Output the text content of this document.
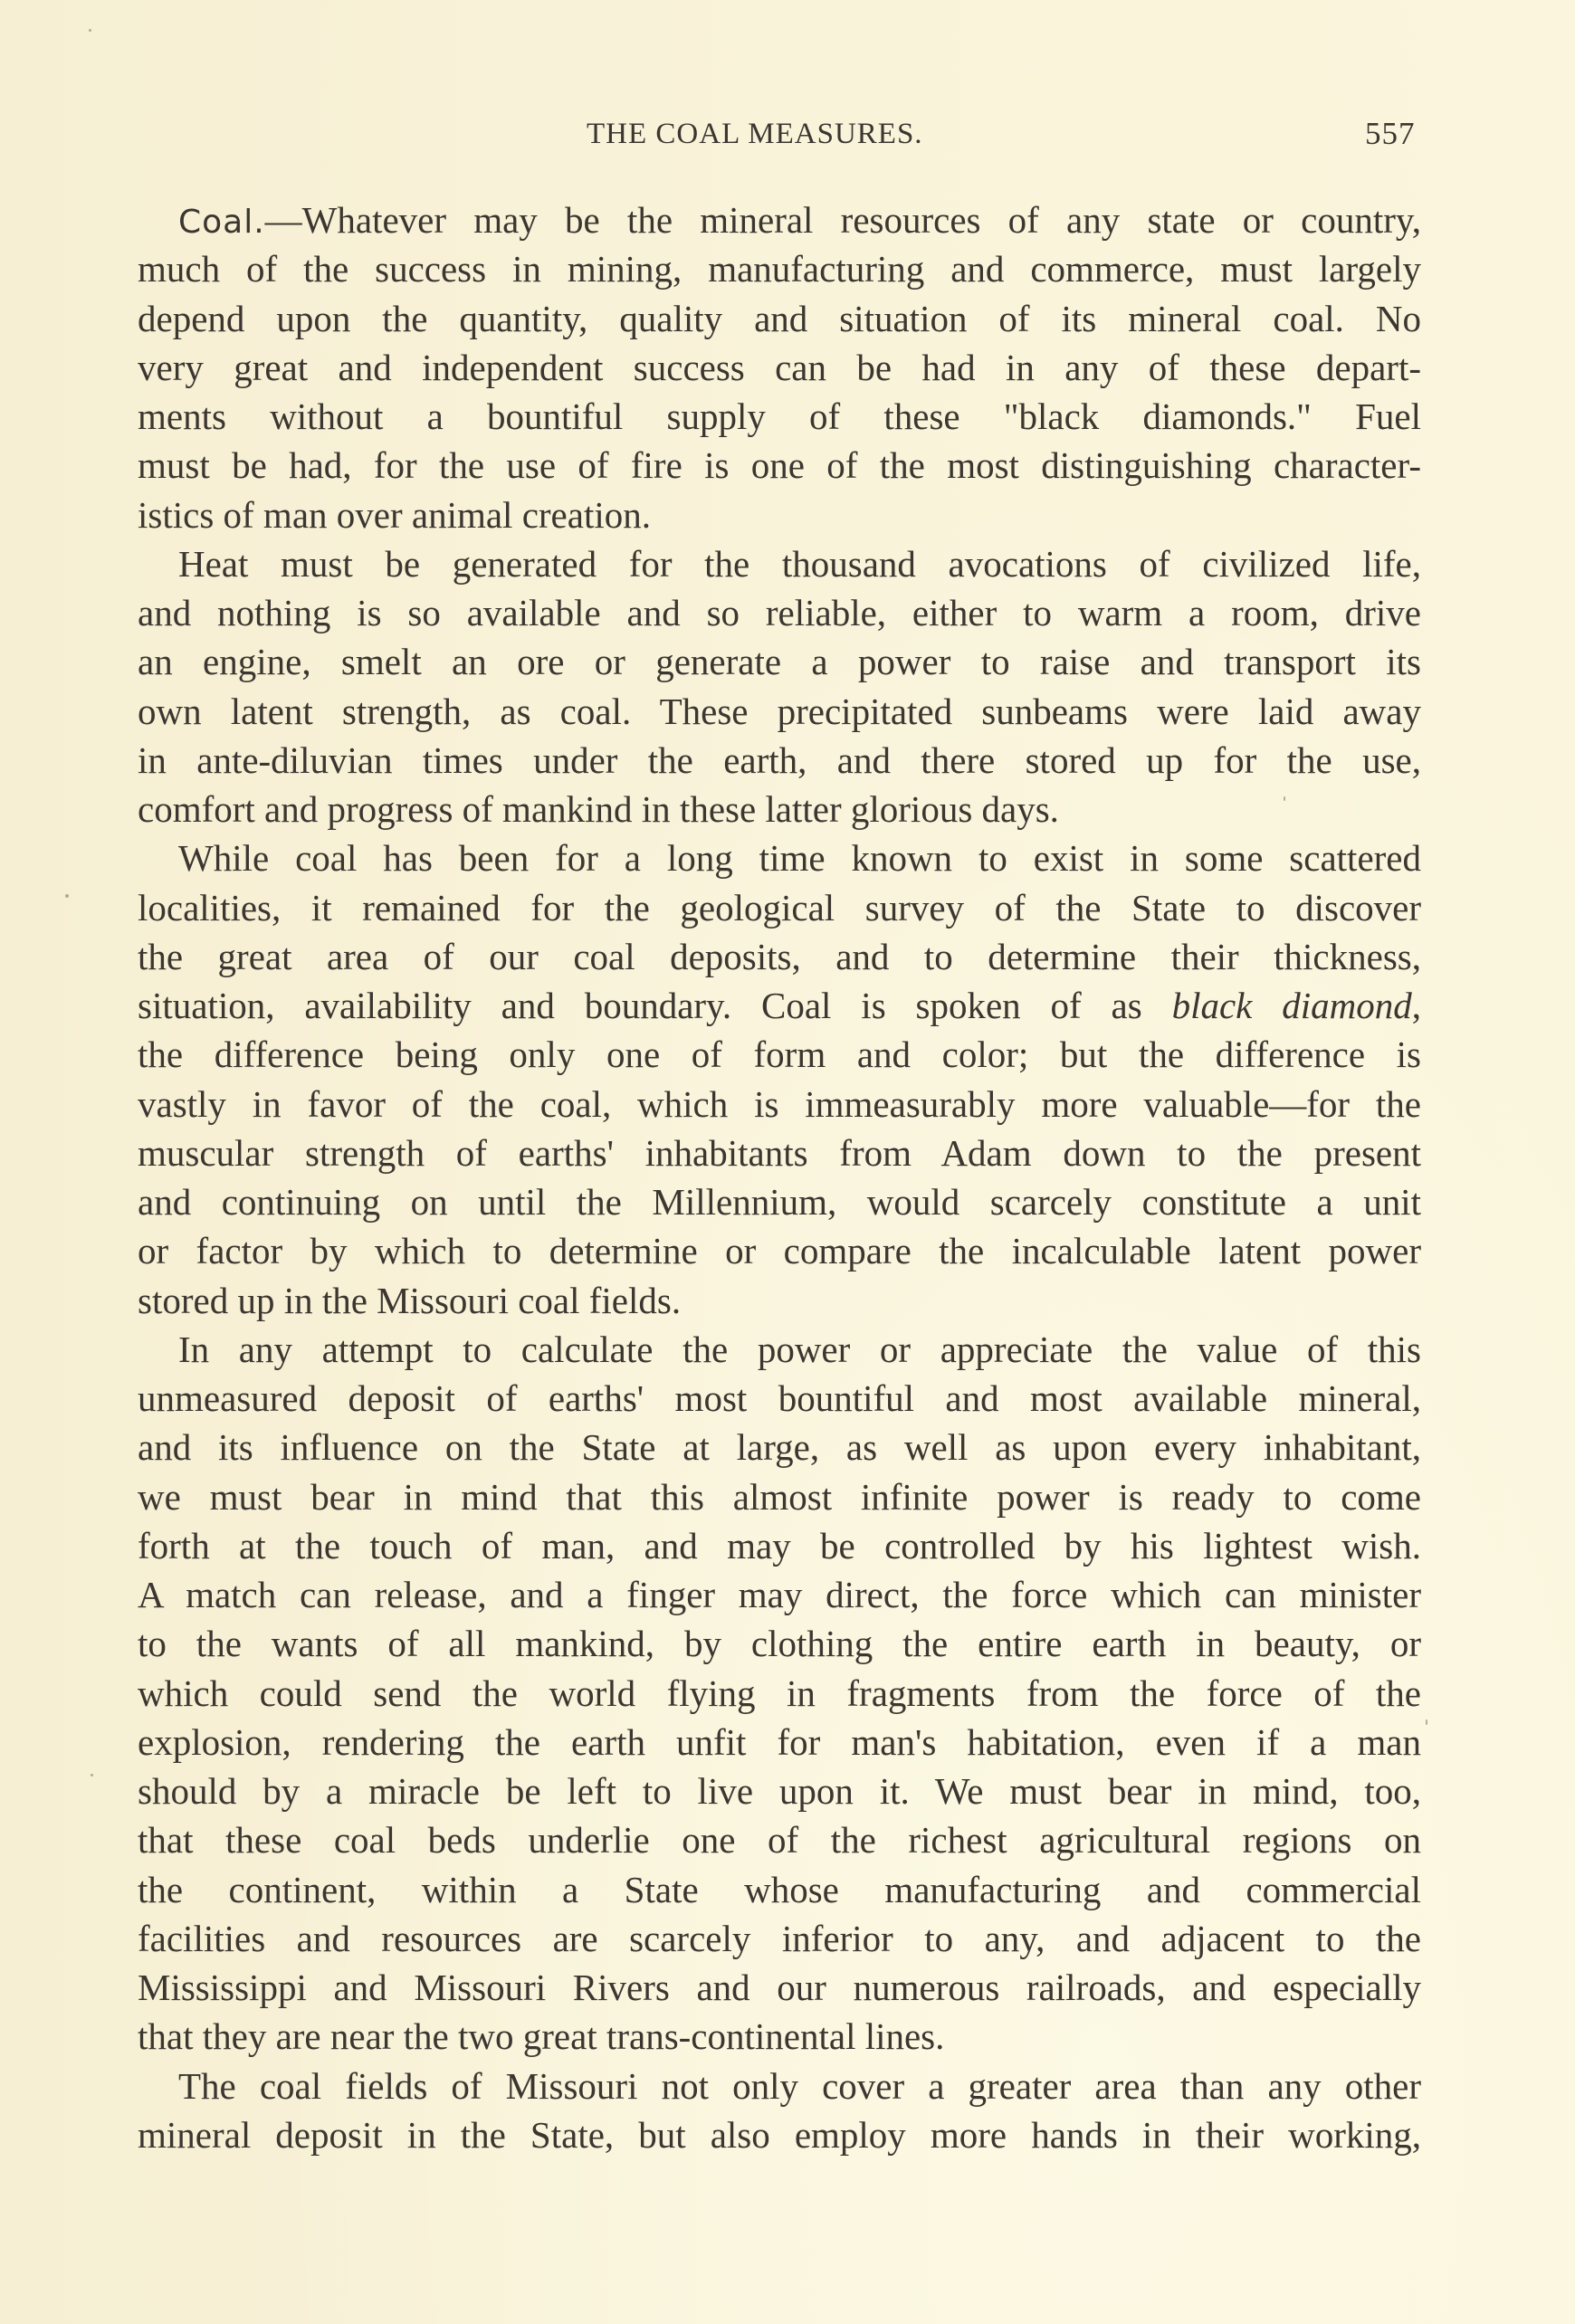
THE COAL MEASURES.	557
Coal.—Whatever may be the mineral resources of any state or country,
much of the success in mining, manufacturing and commerce, must largely
depend upon the quantity, quality and situation of its mineral coal. No
very great and independent success can be had in any of these depart-
ments without a bountiful supply of these "black diamonds." Fuel
must be had, for the use of fire is one of the most distinguishing character-
istics of man over animal creation.
Heat must be generated for the thousand avocations of civilized life,
and nothing is so available and so reliable, either to warm a room, drive
an engine, smelt an ore or generate a power to raise and transport its
own latent strength, as coal. These precipitated sunbeams were laid away
in ante-diluvian times under the earth, and there stored up for the use,
comfort and progress of mankind in these latter glorious days.
While coal has been for a long time known to exist in some scattered
localities, it remained for the geological survey of the State to discover
the great area of our coal deposits, and to determine their thickness,
situation, availability and boundary. Coal is spoken of as black diamond,
the difference being only one of form and color; but the difference is
vastly in favor of the coal, which is immeasurably more valuable—for the
muscular strength of earths' inhabitants from Adam down to the present
and continuing on until the Millennium, would scarcely constitute a unit
or factor by which to determine or compare the incalculable latent power
stored up in the Missouri coal fields.
In any attempt to calculate the power or appreciate the value of this
unmeasured deposit of earths' most bountiful and most available mineral,
and its influence on the State at large, as well as upon every inhabitant,
we must bear in mind that this almost infinite power is ready to come
forth at the touch of man, and may be controlled by his lightest wish.
A match can release, and a finger may direct, the force which can minister
to the wants of all mankind, by clothing the entire earth in beauty, or
which could send the world flying in fragments from the force of the
explosion, rendering the earth unfit for man's habitation, even if a man
should by a miracle be left to live upon it. We must bear in mind, too,
that these coal beds underlie one of the richest agricultural regions on
the continent, within a State whose manufacturing and commercial
facilities and resources are scarcely inferior to any, and adjacent to the
Mississippi and Missouri Rivers and our numerous railroads, and especially
that they are near the two great trans-continental lines.
The coal fields of Missouri not only cover a greater area than any other
mineral deposit in the State, but also employ more hands in their working,
